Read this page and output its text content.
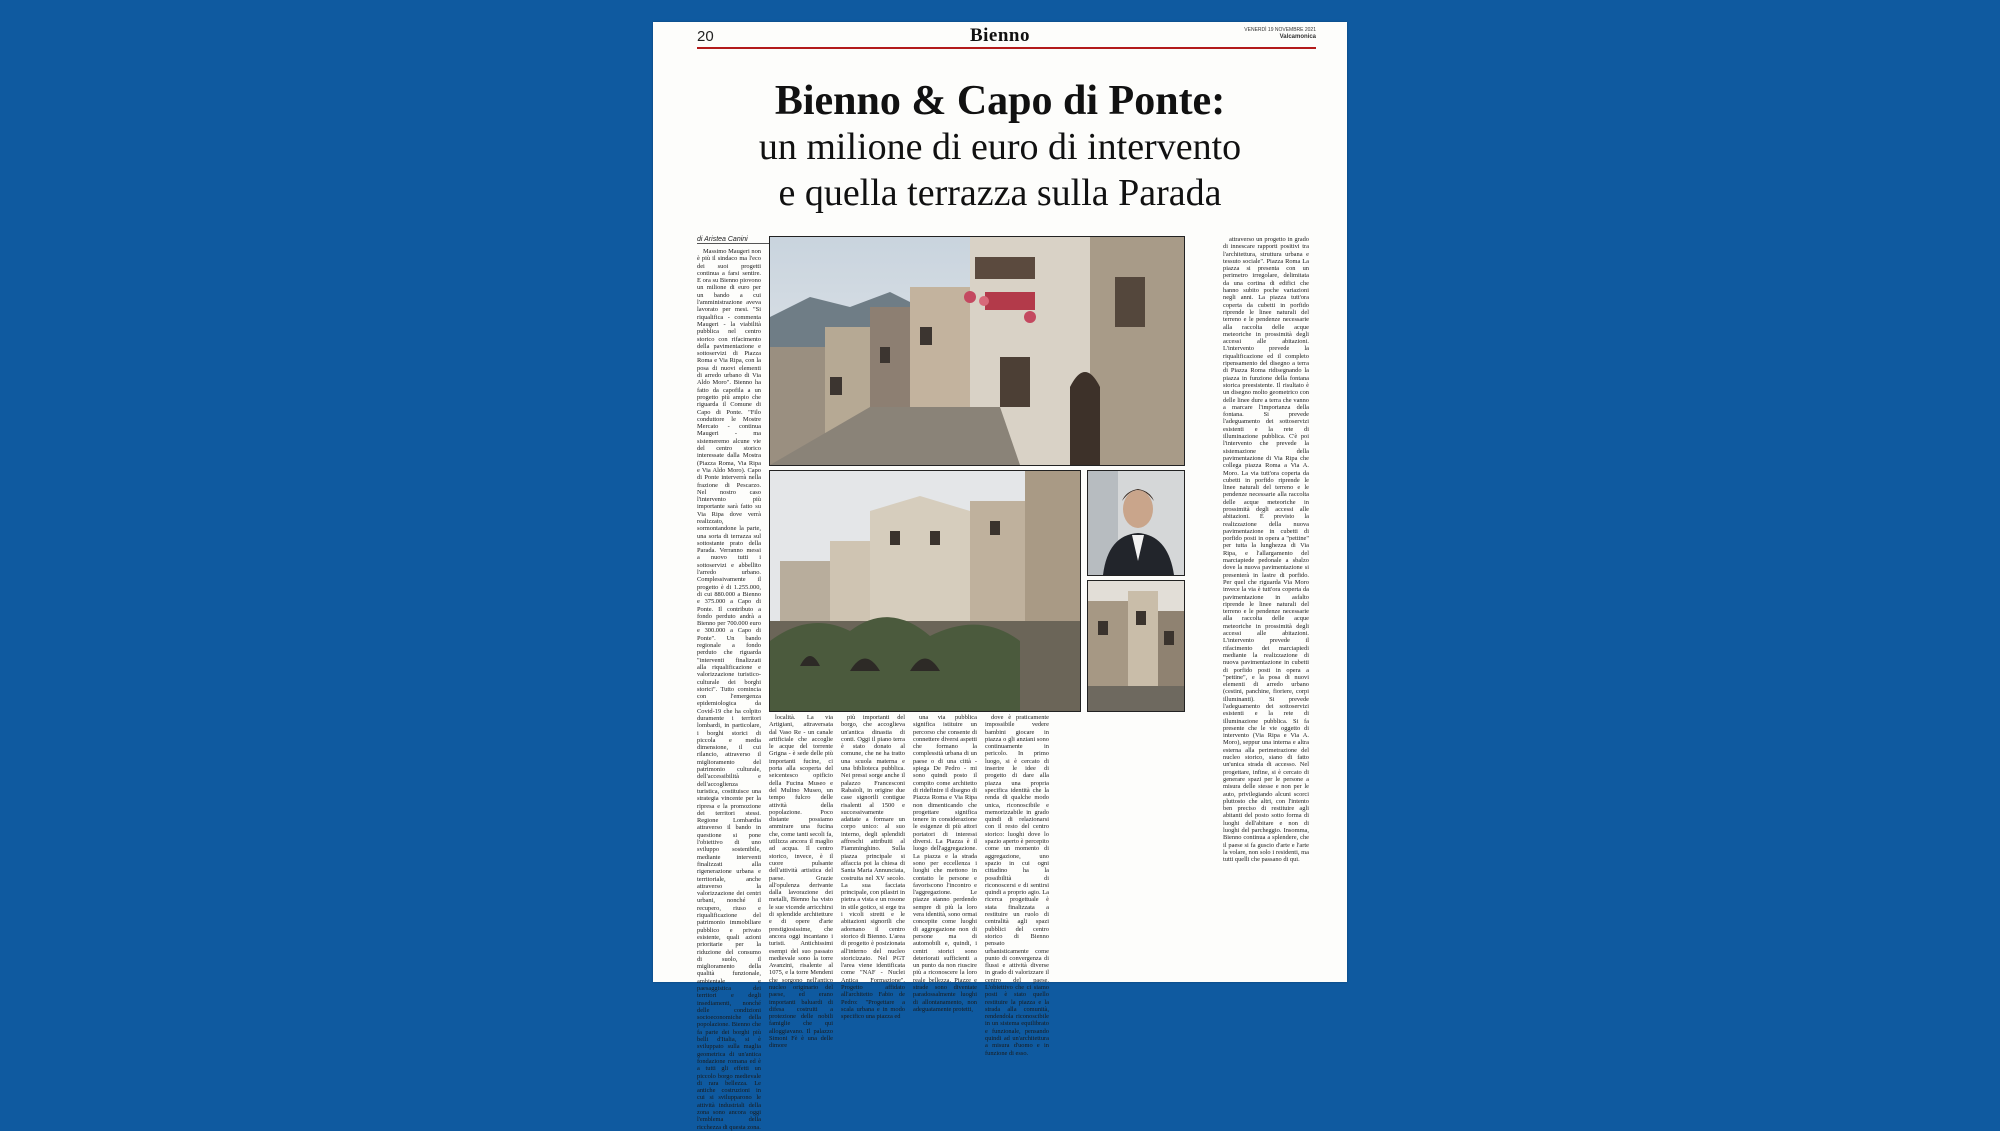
20	Bienno	VENERDÌ 19 NOVEMBRE 2021
Valcamonica
Bienno & Capo di Ponte:
un milione di euro di intervento
e quella terrazza sulla Parada
di Aristea Canini

Massimo Maugeri non è più il sindaco ma l'eco dei suoi progetti continua a farsi sentire. E ora su Bienno piovono un milione di euro per un bando a cui l'amministrazione aveva lavorato per mesi. "Si riqualifica - commenta Maugeri - la viabilità pubblica nel centro storico con rifacimento della pavimentazione e sottoservizi di Piazza Roma e Via Ripa, con la posa di nuovi elementi di arredo urbano di Via Aldo Moro". Bienno ha fatto da capofila a un progetto più ampio che riguarda il Comune di Capo di Ponte. "Filo conduttore le Mostre Mercato - continua Maugeri - ma sistemeremo alcune vie del centro storico interessate dalla Mostra (Piazza Roma, Via Ripa e Via Aldo Moro). Capo di Ponte interverrà nella frazione di Pescarzo. Nel nostro caso l'intervento più importante sarà fatto su Via Ripa dove verrà realizzato, sormontandone la parte, una sorta di terrazza sul sottostante prato della Parada. Verranno messi a nuovo tutti i sottoservizi e abbellito l'arredo urbano. Complessivamente il progetto è di 1.255.000, di cui 880.000 a Bienno e 375.000 a Capo di Ponte. Il contributo a fondo perduto andrà a Bienno per 700.000 euro e 300.000 a Capo di Ponte". Un bando regionale a fondo perduto che riguarda "interventi finalizzati alla riqualificazione e valorizzazione turistico-culturale dei borghi storici". Tutto comincia con l'emergenza epidemiologica da Covid-19 che ha colpito duramente i territori lombardi, in particolare, i borghi storici di piccola e media dimensione, il cui rilancio, attraverso il miglioramento del patrimonio culturale, dell'accessibilità e dell'accoglienza turistica, costituisce una strategia vincente per la ripresa e la promozione dei territori stessi. Regione Lombardia attraverso il bando in questione si pone l'obiettivo di uno sviluppo sostenibile, mediante interventi finalizzati alla rigenerazione urbana e territoriale, anche attraverso la valorizzazione dei centri urbani, nonché il recupero, riuso e riqualificazione del patrimonio immobiliare pubblico e privato esistente, quali azioni prioritarie per la riduzione del consumo di suolo, il miglioramento della qualità funzionale, ambientale e paesaggistica dei territori e degli insediamenti, nonché delle condizioni socioeconomiche della popolazione. Bienno che fa parte dei borghi più belli d'Italia, si è sviluppato sulla maglia geometrica di un'antica fondazione romana ed è a tutti gli effetti un piccolo borgo medievale di rara bellezza. Le antiche costruzioni in cui si svilupparono le attività industriali della zona sono ancora oggi l'emblema della ricchezza di questa zona.

località. La via Artigiani, attraversata dal Vaso Re - un canale artificiale che accoglie le acque del torrente Grigna - è sede delle più importanti fucine, ci porta alla scoperta del seicentesco opificio della Fucina Museo e del Mulino Museo, un tempo fulcro delle attività della popolazione. Poco distante possiamo ammirare una fucina che, come tanti secoli fa, utilizza ancora il maglio ad acqua. Il centro storico, invece, è il cuore pulsante dell'attività artistica del paese. Grazie all'opulenza derivante dalla lavorazione dei metalli, Bienno ha visto le sue vicende arricchirsi di splendide architetture e di opere d'arte prestigiosissime, che ancora oggi incantano i turisti. Antichissimi esempi del suo passato medievale sono la torre Avanzini, risalente al 1075, e la torre Mendeni che sorgono nell'antico nucleo originario del paese, ed erano importanti baluardi di difesa costruiti a protezione delle nobili famiglie che qui alloggiavano. Il palazzo Simoni Fè è una delle dimore

più importanti del borgo, che accoglieva un'antica dinastia di conti. Oggi il piano terra è stato donato al comune, che ne ha tratto una scuola materna e una biblioteca pubblica. Nei pressi sorge anche il palazzo Francesconi Rabaioli, in origine due case signorili contigue risalenti al 1500 e successivamente adattate a formare un corpo unico: al suo interno, degli splendidi affreschi attribuiti al Fiamminghino. Sulla piazza principale si affaccia poi la chiesa di Santa Maria Annunciata, costruita nel XV secolo. La sua facciata principale, con pilastri in pietra a vista e un rosone in stile gotico, si erge tra i vicoli stretti e le abitazioni signorili che adornano il centro storico di Bienno. L'area di progetto è posizionata all'interno del nucleo storicizzato. Nel PGT l'area viene identificata come "NAF - Nuclei Antica Formazione". Progetto affidato all'architetto Fabio de Pedro: "Progettare a scala urbana e in modo specifico una piazza ed

una via pubblica significa istituire un percorso che consente di connettere diversi aspetti che formano la complessità urbana di un paese o di una città - spiega De Pedro - mi sono quindi posto il compito come architetto di ridefinire il disegno di Piazza Roma e Via Ripa non dimenticando che progettare significa tenere in considerazione le esigenze di più attori portatori di interessi diversi. La Piazza è il luogo dell'aggregazione. La piazza e la strada sono per eccellenza i luoghi che mettono in contatto le persone e favoriscono l'incontro e l'aggregazione. Le piazze stanno perdendo sempre di più la loro vera identità, sono ormai concepite come luoghi di aggregazione non di persone ma di automobili e, quindi, i centri storici sono deteriorati sufficienti a un punto da non riuscire più a riconoscere la loro reale bellezza. Piazze e strade sono diventate paradossalmente luoghi di allontanamento, non adeguatamente protetti,

dove è praticamente impossibile vedere bambini giocare in piazza o gli anziani sono continuamente in pericolo. In primo luogo, si è cercato di inserire le idee di progetto di dare alla piazza una propria specifica identità che la renda di qualche modo unica, riconoscibile e memorizzabile in grado quindi di relazionarsi con il resto del centro storico: luoghi dove lo spazio aperto è percepito come un momento di aggregazione, uno spazio in cui ogni cittadino ha la possibilità di riconoscersi e di sentirsi quindi a proprio agio. La ricerca progettuale è stata finalizzata a restituire un ruolo di centralità agli spazi pubblici del centro storico di Bienno pensato urbanisticamente come punto di convergenza di flussi e attività diverse in grado di valorizzare il centro del paese. L'obiettivo che ci siamo posti è stato quello restituire la piazza e la strada alla comunità, rendendola riconoscibile in un sistema equilibrato e funzionale, pensando quindi ad un'architettura a misura d'uomo e in funzione di esso.

attraverso un progetto in grado di innescare rapporti positivi tra l'architettura, struttura urbana e tessuto sociale". Piazza Roma La piazza si presenta con un perimetro irregolare, delimitata da una cortina di edifici che hanno subito poche variazioni negli anni. La piazza tutt'ora coperta da cubetti in porfido riprende le linee naturali del terreno e le pendenze necessarie alla raccolta delle acque meteoriche in prossimità degli accessi alle abitazioni. L'intervento prevede la riqualificazione ed il completo ripensamento del disegno a terra di Piazza Roma ridisegnando la piazza in funzione della fontana storica preesistente. Il risultato è un disegno molto geometrico con delle linee dure a terra che vanno a marcare l'importanza della fontana. Si prevede l'adeguamento dei sottoservizi esistenti e la rete di illuminazione pubblica. C'è poi l'intervento che prevede la sistemazione della pavimentazione di Via Ripa che collega piazza Roma a Via A. Moro. La via tutt'ora coperta da cubetti in porfido riprende le linee naturali del terreno e le pendenze necessarie alla raccolta delle acque meteoriche in prossimità degli accessi alle abitazioni. È previsto la realizzazione della nuova pavimentazione in cubetti di porfido posti in opera a "pettine" per tutta la lunghezza di Via Ripa, e l'allargamento del marciapiede pedonale a sbalzo dove la nuova pavimentazione si presenterà in lastre di porfido. Per quel che riguarda Via Moro invece la via è tutt'ora coperta da pavimentazione in asfalto riprende le linee naturali del terreno e le pendenze necessarie alla raccolta delle acque meteoriche in prossimità degli accessi alle abitazioni. L'intervento prevede il rifacimento dei marciapiedi mediante la realizzazione di nuova pavimentazione in cubetti di porfido posti in opera a "pettine", e la posa di nuovi elementi di arredo urbano (cestini, panchine, fioriere, corpi illuminanti). Si prevede l'adeguamento dei sottoservizi esistenti e la rete di illuminazione pubblica. Si fa presente che le vie oggetto di intervento (Via Ripa e Via A. Moro), seppur una interna e altra esterna alla perimetrazione del nucleo storico, siano di fatto un'unica strada di accesso. Nel progettare, infine, si è cercato di generare spazi per le persone a misura delle stesse e non per le auto, privilegiando alcuni scorci pluttosto che altri, con l'intento ben preciso di restituire agli abitanti del posto sotto forma di luoghi dell'abitare e non di luoghi del parcheggio. Insomma, Bienno continua a splendere, che il paese si fa guscio d'arte e l'arte la volare, non solo i residenti, ma tutti quelli che passano di qui.
